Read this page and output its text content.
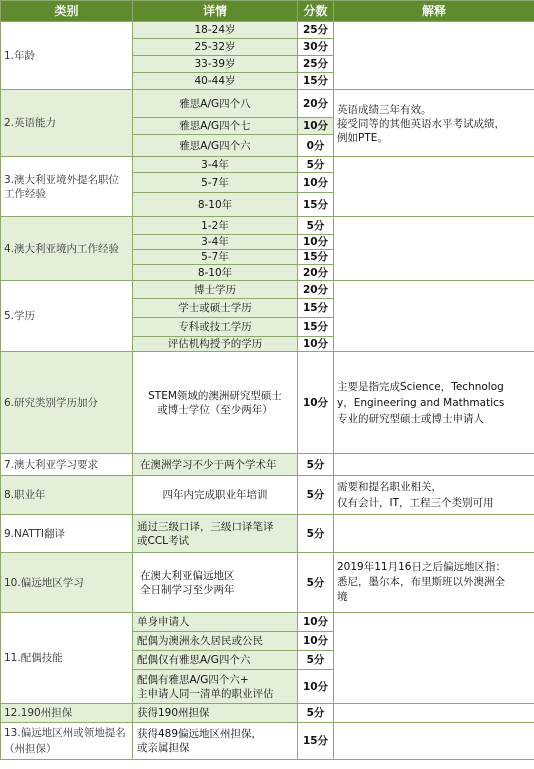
类别	详情	分数	解释
1.年龄	18-24岁	25分	
	25-32岁	30分	
	33-39岁	25分	
	40-44岁	15分	
2.英语能力	雅思A/G四个八	20分	英语成绩三年有效。
接受同等的其他英语水平考试成绩，
例如PTE。
	雅思A/G四个七	10分	
	雅思A/G四个六	0分	
3.澳大利亚境外提名职位工作经验	3-4年	5分	
	5-7年	10分	
	8-10年	15分	
4.澳大利亚境内工作经验	1-2年	5分	
	3-4年	10分	
	5-7年	15分	
	8-10年	20分	
5.学历	博士学历	20分	
	学士或硕士学历	15分	
	专科或技工学历	15分	
	评估机构授予的学历	10分	
6.研究类别学历加分	STEM领域的澳洲研究型硕士
或博士学位（至少两年）	10分	主要是指完成Science，Technolog
y，Engineering and Mathmatics
专业的研究型硕士或博士申请人
7.澳大利亚学习要求	在澳洲学习不少于两个学术年	5分	
8.职业年	四年内完成职业年培训	5分	需要和提名职业相关，
仅有会计，IT，工程三个类别可用
9.NATTI翻译	通过三级口译，三级口译笔译
或CCL考试	5分	
10.偏远地区学习	在澳大利亚偏远地区
全日制学习至少两年	5分	2019年11月16日之后偏远地区指：
悉尼，墨尔本，布里斯班以外澳洲全
境
11.配偶技能	单身申请人	10分	
	配偶为澳洲永久居民或公民	10分	
	配偶仅有雅思A/G四个六	5分	
	配偶有雅思A/G四个六+
主申请人同一清单的职业评估	10分	
12.190州担保	获得190州担保	5分	
13.偏远地区州或领地提名（州担保）	获得489偏远地区州担保，
或亲属担保	15分	
